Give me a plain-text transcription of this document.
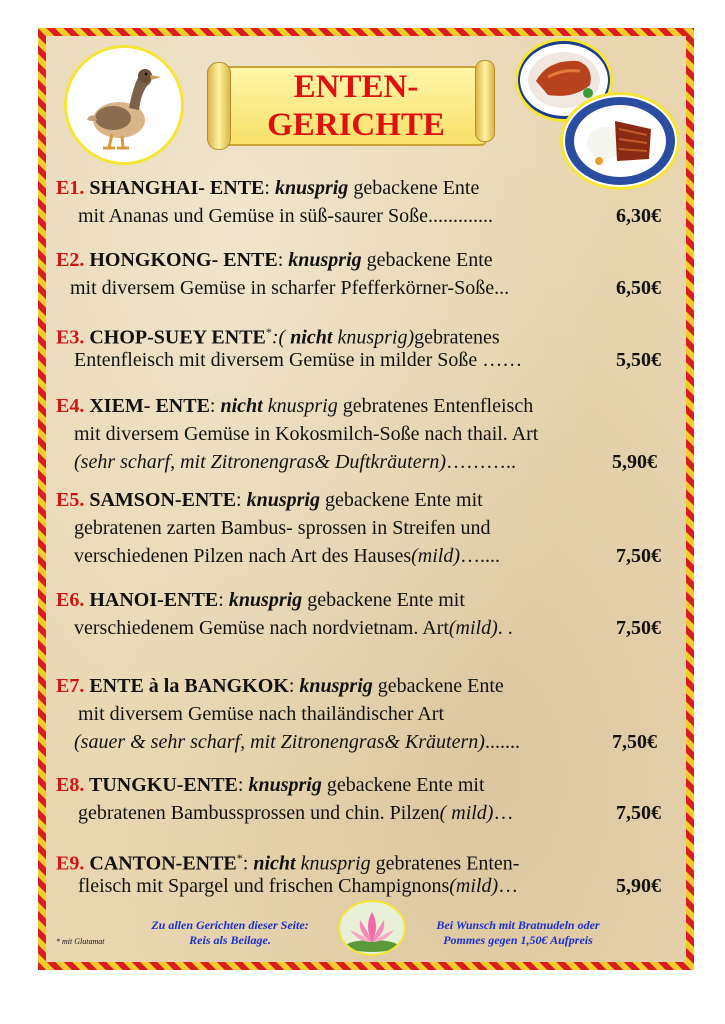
ENTEN-
GERICHTE
E1. SHANGHAI- ENTE: knusprig gebackene Ente
mit Ananas und Gemüse in süß-saurer Soße.............	6,30€
E2. HONGKONG- ENTE: knusprig gebackene Ente
mit diversem Gemüse in scharfer Pfefferkörner-Soße...	6,50€
E3. CHOP-SUEY ENTE*:( nicht knusprig)gebratenes
Entenfleisch mit diversem Gemüse in milder Soße ……	5,50€
E4. XIEM- ENTE: nicht knusprig gebratenes Entenfleisch
mit diversem Gemüse in Kokosmilch-Soße nach thail. Art
(sehr scharf, mit Zitronengras& Duftkräutern)………..	5,90€
E5. SAMSON-ENTE: knusprig gebackene Ente mit
gebratenen zarten Bambus- sprossen in Streifen und
verschiedenen Pilzen nach Art des Hauses(mild)…....	7,50€
E6. HANOI-ENTE: knusprig gebackene Ente mit
verschiedenem Gemüse nach nordvietnam. Art(mild). .	7,50€
E7. ENTE à la BANGKOK: knusprig gebackene Ente
mit diversem Gemüse nach thailändischer Art
(sauer & sehr scharf, mit Zitronengras& Kräutern).......	7,50€
E8. TUNGKU-ENTE: knusprig gebackene Ente mit
gebratenen Bambussprossen und chin. Pilzen( mild)…	7,50€
E9. CANTON-ENTE*: nicht knusprig gebratenes Enten-
fleisch mit Spargel und frischen Champignons(mild)…	5,90€
* mit Glutamat
Zu allen Gerichten dieser Seite:
Reis als Beilage.
Bei Wunsch mit Bratnudeln oder
Pommes gegen 1,50€ Aufpreis
